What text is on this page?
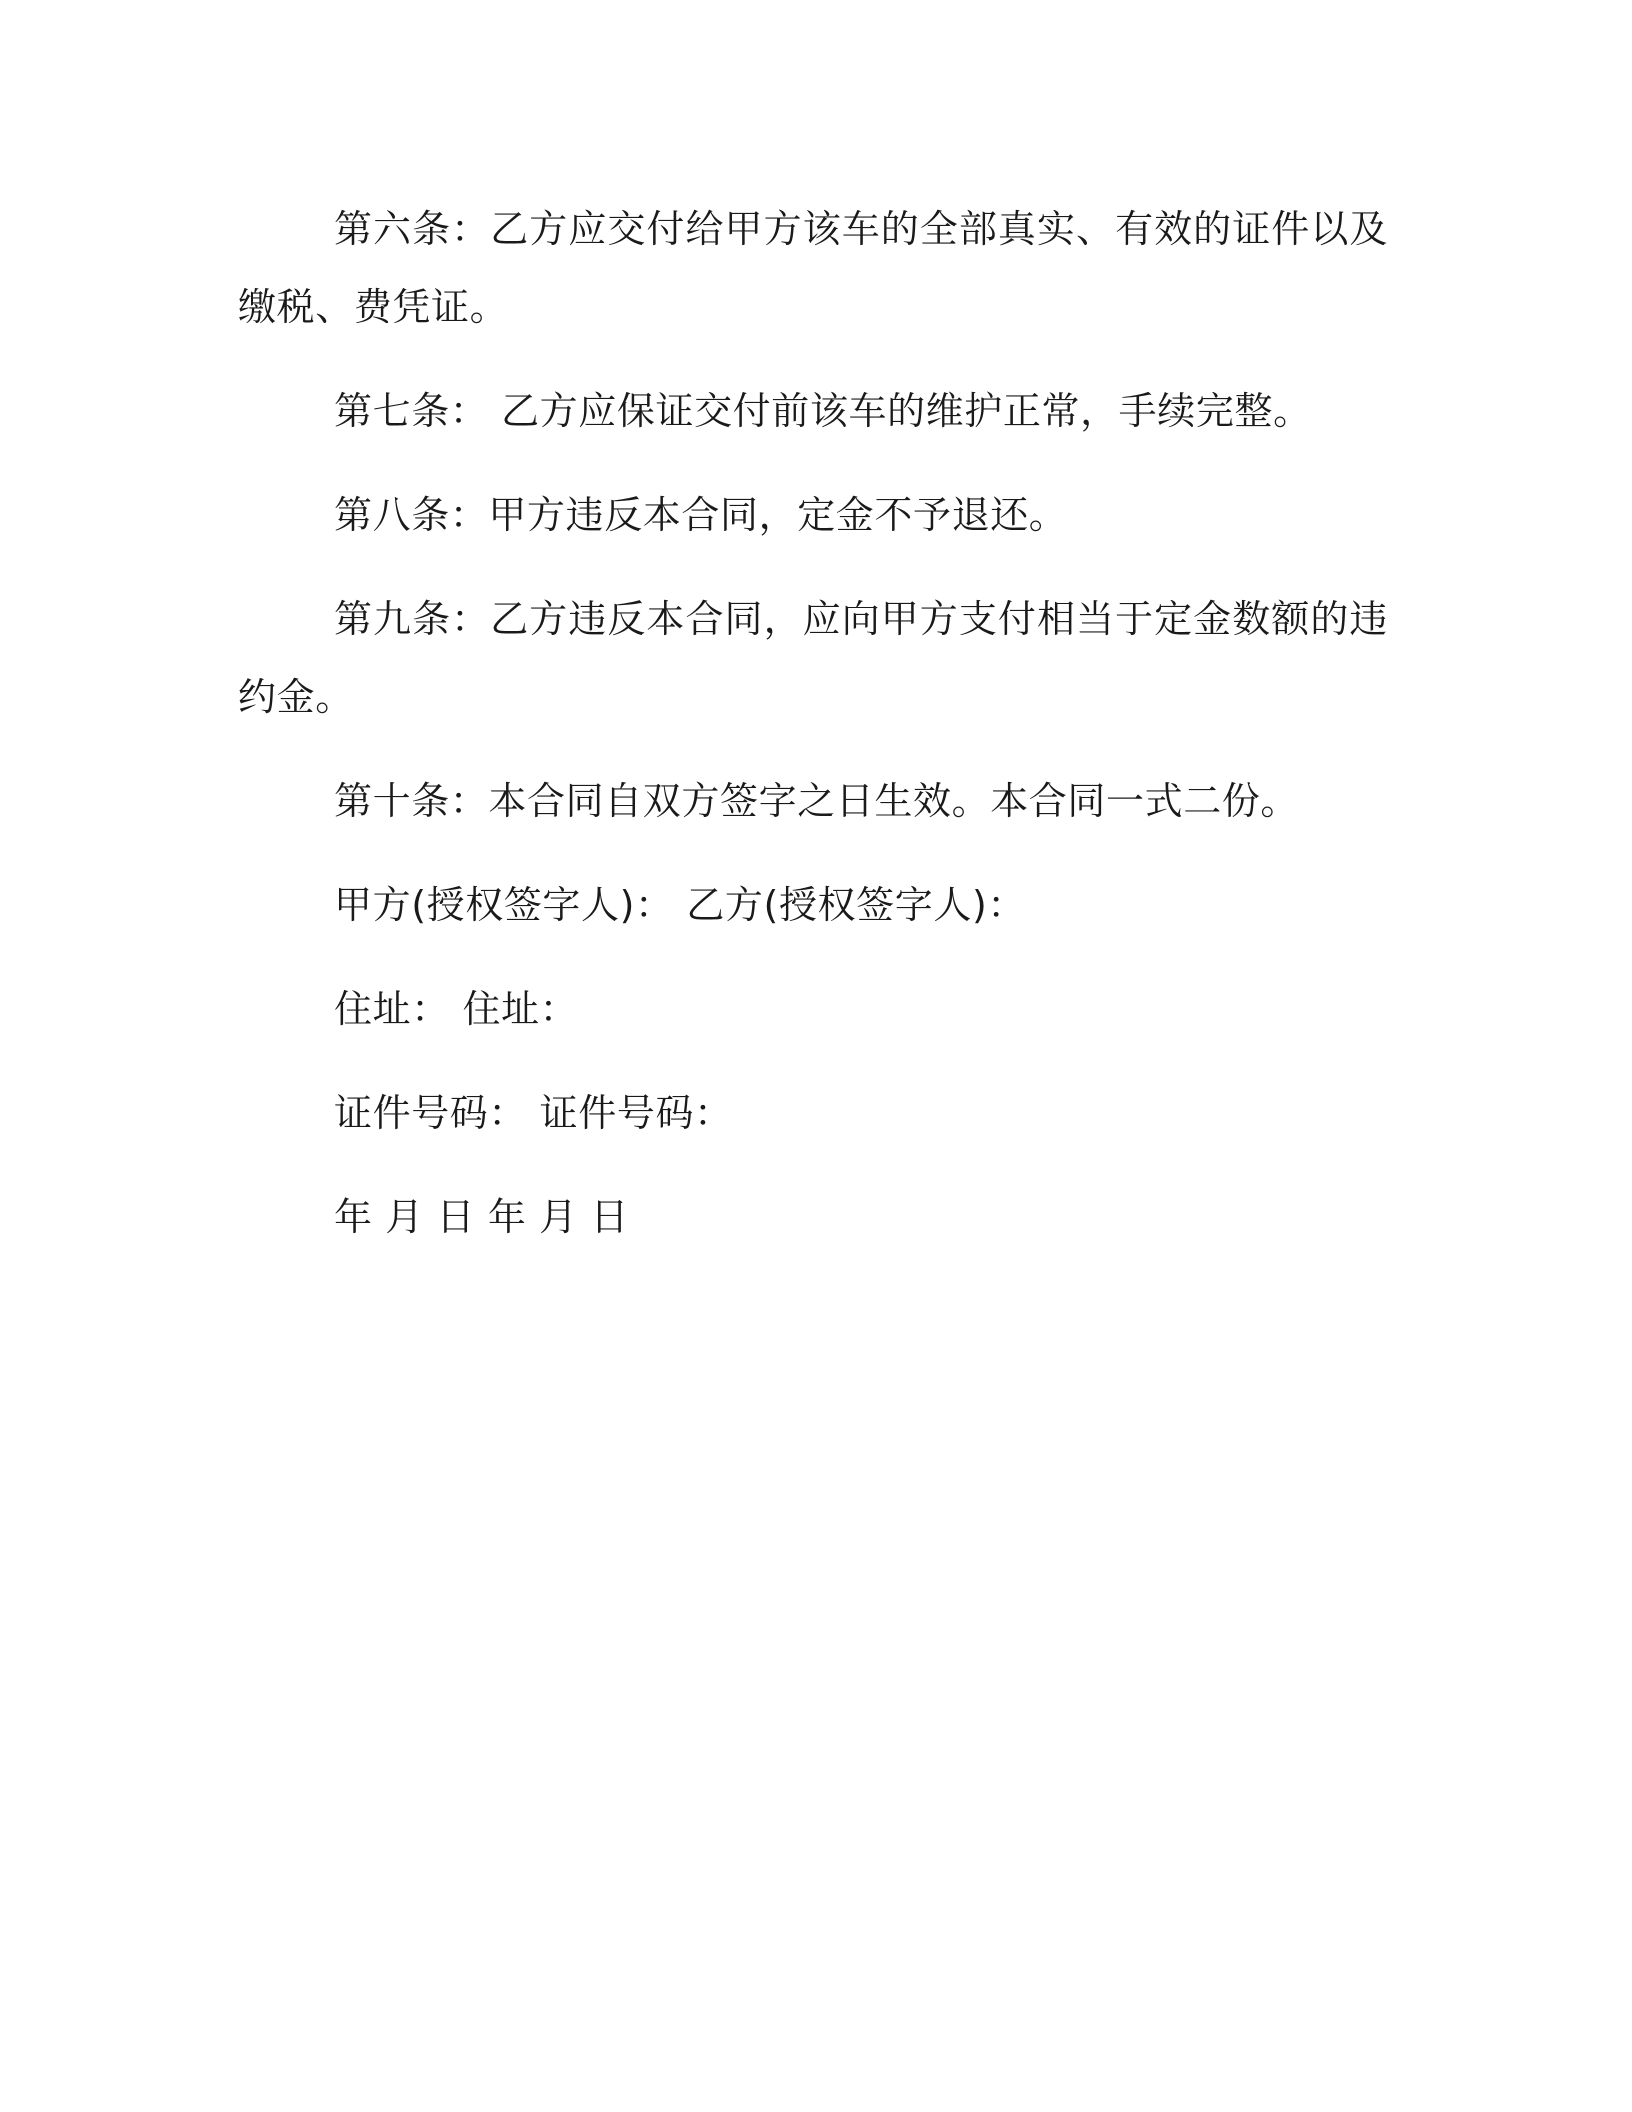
第六条：乙方应交付给甲方该车的全部真实、有效的证件以及缴税、费凭证。

第七条： 乙方应保证交付前该车的维护正常，手续完整。

第八条：甲方违反本合同，定金不予退还。

第九条：乙方违反本合同，应向甲方支付相当于定金数额的违约金。

第十条：本合同自双方签字之日生效。本合同一式二份。

甲方(授权签字人)： 乙方(授权签字人)：

住址： 住址：

证件号码： 证件号码：

年 月 日 年 月 日
